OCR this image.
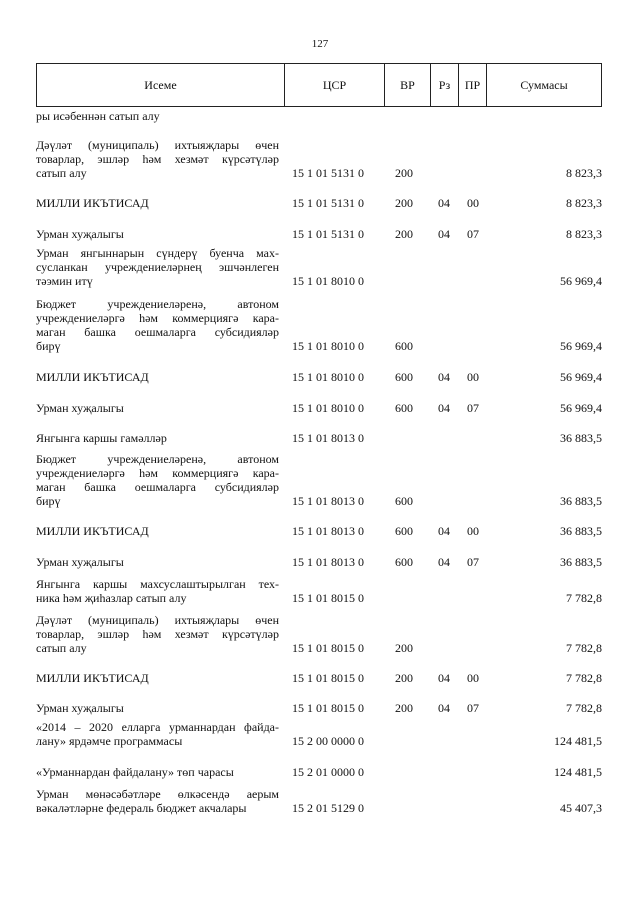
127
Исеме	ЦСР	ВР	Рз	ПР	Суммасы
ры исәбеннән сатып алу
Дәүләт (муниципаль) ихтыяҗлары өчен
товарлар, эшләр һәм хезмәт күрсәтүләр
сатып алу	15 1 01 5131 0	200	8 823,3
МИЛЛИ ИКЪТИСАД	15 1 01 5131 0	200 04 00	8 823,3
Урман хуҗалыгы	15 1 01 5131 0	200 04 07	8 823,3
Урман янгыннарын сүндерү буенча мах-
сусланкан учреждениеләрнең эшчәнлеген
тәэмин итү	15 1 01 8010 0	56 969,4
Бюджет учреждениеләренә, автоном
учреждениеләргә һәм коммерциягә кара-
маган башка оешмаларга субсидияләр
бирү	15 1 01 8010 0	600	56 969,4
МИЛЛИ ИКЪТИСАД	15 1 01 8010 0	600 04 00	56 969,4
Урман хуҗалыгы	15 1 01 8010 0	600 04 07	56 969,4
Янгынга каршы гамәлләр	15 1 01 8013 0	36 883,5
Бюджет учреждениеләренә, автоном
учреждениеләргә һәм коммерциягә кара-
маган башка оешмаларга субсидияләр
бирү	15 1 01 8013 0	600	36 883,5
МИЛЛИ ИКЪТИСАД	15 1 01 8013 0	600 04 00	36 883,5
Урман хуҗалыгы	15 1 01 8013 0	600 04 07	36 883,5
Янгынга каршы махсуслаштырылган тех-
ника һәм җиһазлар сатып алу	15 1 01 8015 0	7 782,8
Дәүләт (муниципаль) ихтыяҗлары өчен
товарлар, эшләр һәм хезмәт күрсәтүләр
сатып алу	15 1 01 8015 0	200	7 782,8
МИЛЛИ ИКЪТИСАД	15 1 01 8015 0	200 04 00	7 782,8
Урман хуҗалыгы	15 1 01 8015 0	200 04 07	7 782,8
«2014 – 2020 елларга урманнардан файда-
лану» ярдәмче программасы	15 2 00 0000 0	124 481,5
«Урманнардан файдалану» төп чарасы	15 2 01 0000 0	124 481,5
Урман мөнәсәбәтләре өлкәсендә аерым
вәкаләтләрне федераль бюджет акчалары	15 2 01 5129 0	45 407,3
